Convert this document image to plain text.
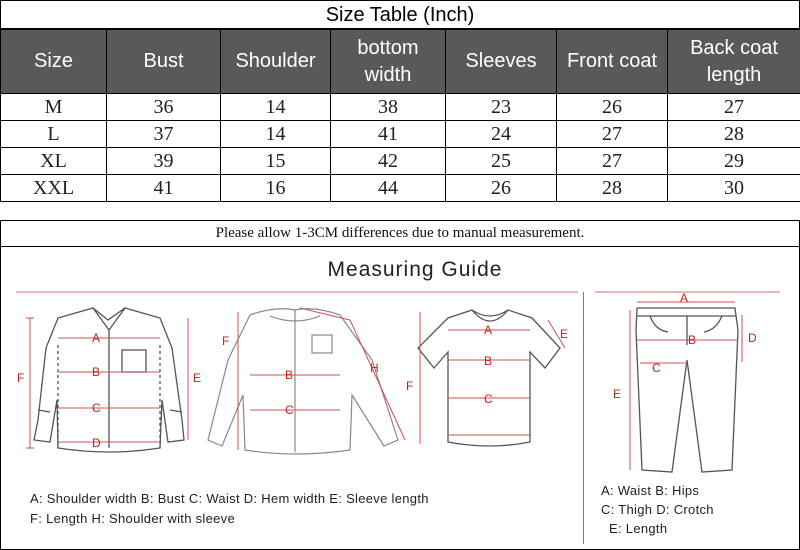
Size Table (Inch)
Size	Bust	Shoulder	bottom width	Sleeves	Front coat	Back coat length
M	36	14	38	23	26	27
L	37	14	41	24	27	28
XL	39	15	42	25	27	29
XXL	41	16	44	26	28	30
Please allow 1-3CM differences due to manual measurement.
Measuring Guide
A
B
C
D
E
F
F
B
C
H
A
B
C
E
F
A
B
C
D
E
A: Shoulder width B: Bust C: Waist D: Hem width E: Sleeve length
F: Length H: Shoulder with sleeve
A: Waist B: Hips
C: Thigh D: Crotch
E: Length
